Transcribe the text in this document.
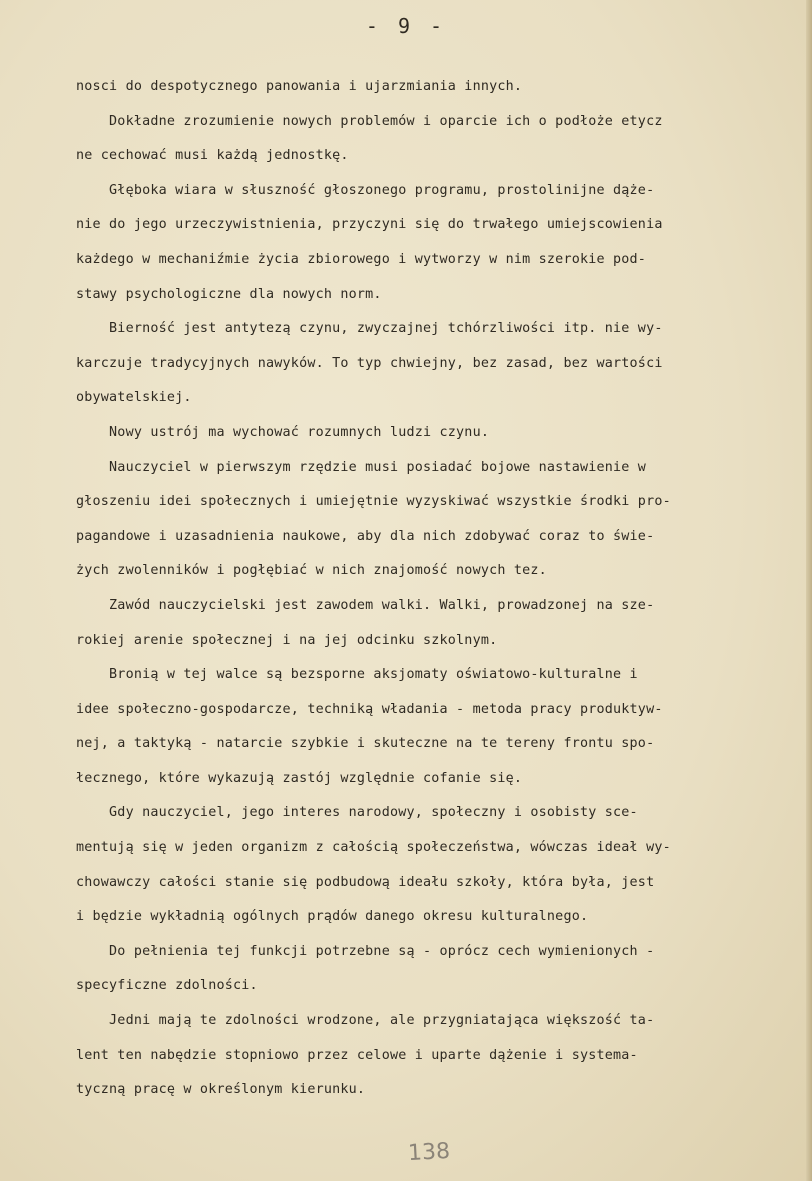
- 9 -
nosci do despotycznego panowania i ujarzmiania innych.
Dokładne zrozumienie nowych problemów i oparcie ich o podłoże etycz
ne cechować musi każdą jednostkę.
Głęboka wiara w słuszność głoszonego programu, prostolinijne dąże-
nie do jego urzeczywistnienia, przyczyni się do trwałego umiejscowienia
każdego w mechaniźmie życia zbiorowego i wytworzy w nim szerokie pod-
stawy psychologiczne dla nowych norm.
Bierność jest antytezą czynu, zwyczajnej tchórzliwości itp. nie wy-
karczuje tradycyjnych nawyków. To typ chwiejny, bez zasad, bez wartości
obywatelskiej.
Nowy ustrój ma wychować rozumnych ludzi czynu.
Nauczyciel w pierwszym rzędzie musi posiadać bojowe nastawienie w
głoszeniu idei społecznych i umiejętnie wyzyskiwać wszystkie środki pro-
pagandowe i uzasadnienia naukowe, aby dla nich zdobywać coraz to świe-
żych zwolenników i pogłębiać w nich znajomość nowych tez.
Zawód nauczycielski jest zawodem walki. Walki, prowadzonej na sze-
rokiej arenie społecznej i na jej odcinku szkolnym.
Bronią w tej walce są bezsporne aksjomaty oświatowo-kulturalne i
idee społeczno-gospodarcze, techniką władania - metoda pracy produktyw-
nej, a taktyką - natarcie szybkie i skuteczne na te tereny frontu spo-
łecznego, które wykazują zastój względnie cofanie się.
Gdy nauczyciel, jego interes narodowy, społeczny i osobisty sce-
mentują się w jeden organizm z całością społeczeństwa, wówczas ideał wy-
chowawczy całości stanie się podbudową ideału szkoły, która była, jest
i będzie wykładnią ogólnych prądów danego okresu kulturalnego.
Do pełnienia tej funkcji potrzebne są - oprócz cech wymienionych -
specyficzne zdolności.
Jedni mają te zdolności wrodzone, ale przygniatająca większość ta-
lent ten nabędzie stopniowo przez celowe i uparte dążenie i systema-
tyczną pracę w określonym kierunku.
138
